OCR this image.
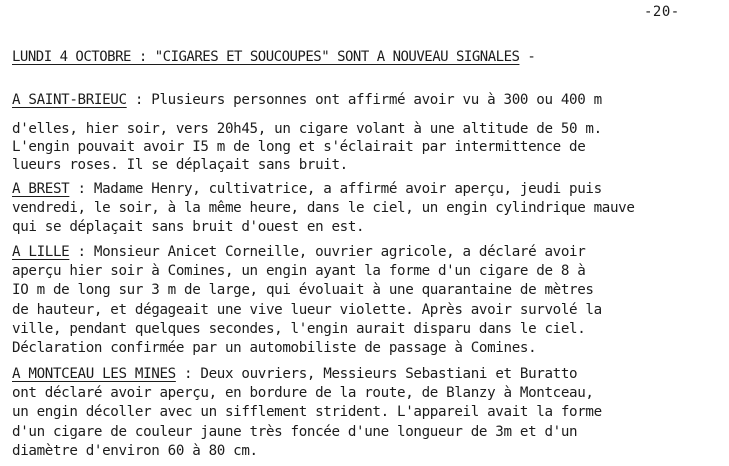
-20-
LUNDI 4 OCTOBRE : "CIGARES ET SOUCOUPES" SONT A NOUVEAU SIGNALES -
A SAINT-BRIEUC : Plusieurs personnes ont affirmé avoir vu à 300 ou 400 m
d'elles, hier soir, vers 20h45, un cigare volant à une altitude de 50 m.
L'engin pouvait avoir I5 m de long et s'éclairait par intermittence de
lueurs roses. Il se déplaçait sans bruit.
A BREST : Madame Henry, cultivatrice, a affirmé avoir aperçu, jeudi puis
vendredi, le soir, à la même heure, dans le ciel, un engin cylindrique mauve
qui se déplaçait sans bruit d'ouest en est.
A LILLE : Monsieur Anicet Corneille, ouvrier agricole, a déclaré avoir
aperçu hier soir à Comines, un engin ayant la forme d'un cigare de 8 à
IO m de long sur 3 m de large, qui évoluait à une quarantaine de mètres
de hauteur, et dégageait une vive lueur violette. Après avoir survolé la
ville, pendant quelques secondes, l'engin aurait disparu dans le ciel.
Déclaration confirmée par un automobiliste de passage à Comines.
A MONTCEAU LES MINES : Deux ouvriers, Messieurs Sebastiani et Buratto
ont déclaré avoir aperçu, en bordure de la route, de Blanzy à Montceau,
un engin décoller avec un sifflement strident. L'appareil avait la forme
d'un cigare de couleur jaune très foncée d'une longueur de 3m et d'un
diamètre d'environ 60 à 80 cm.
